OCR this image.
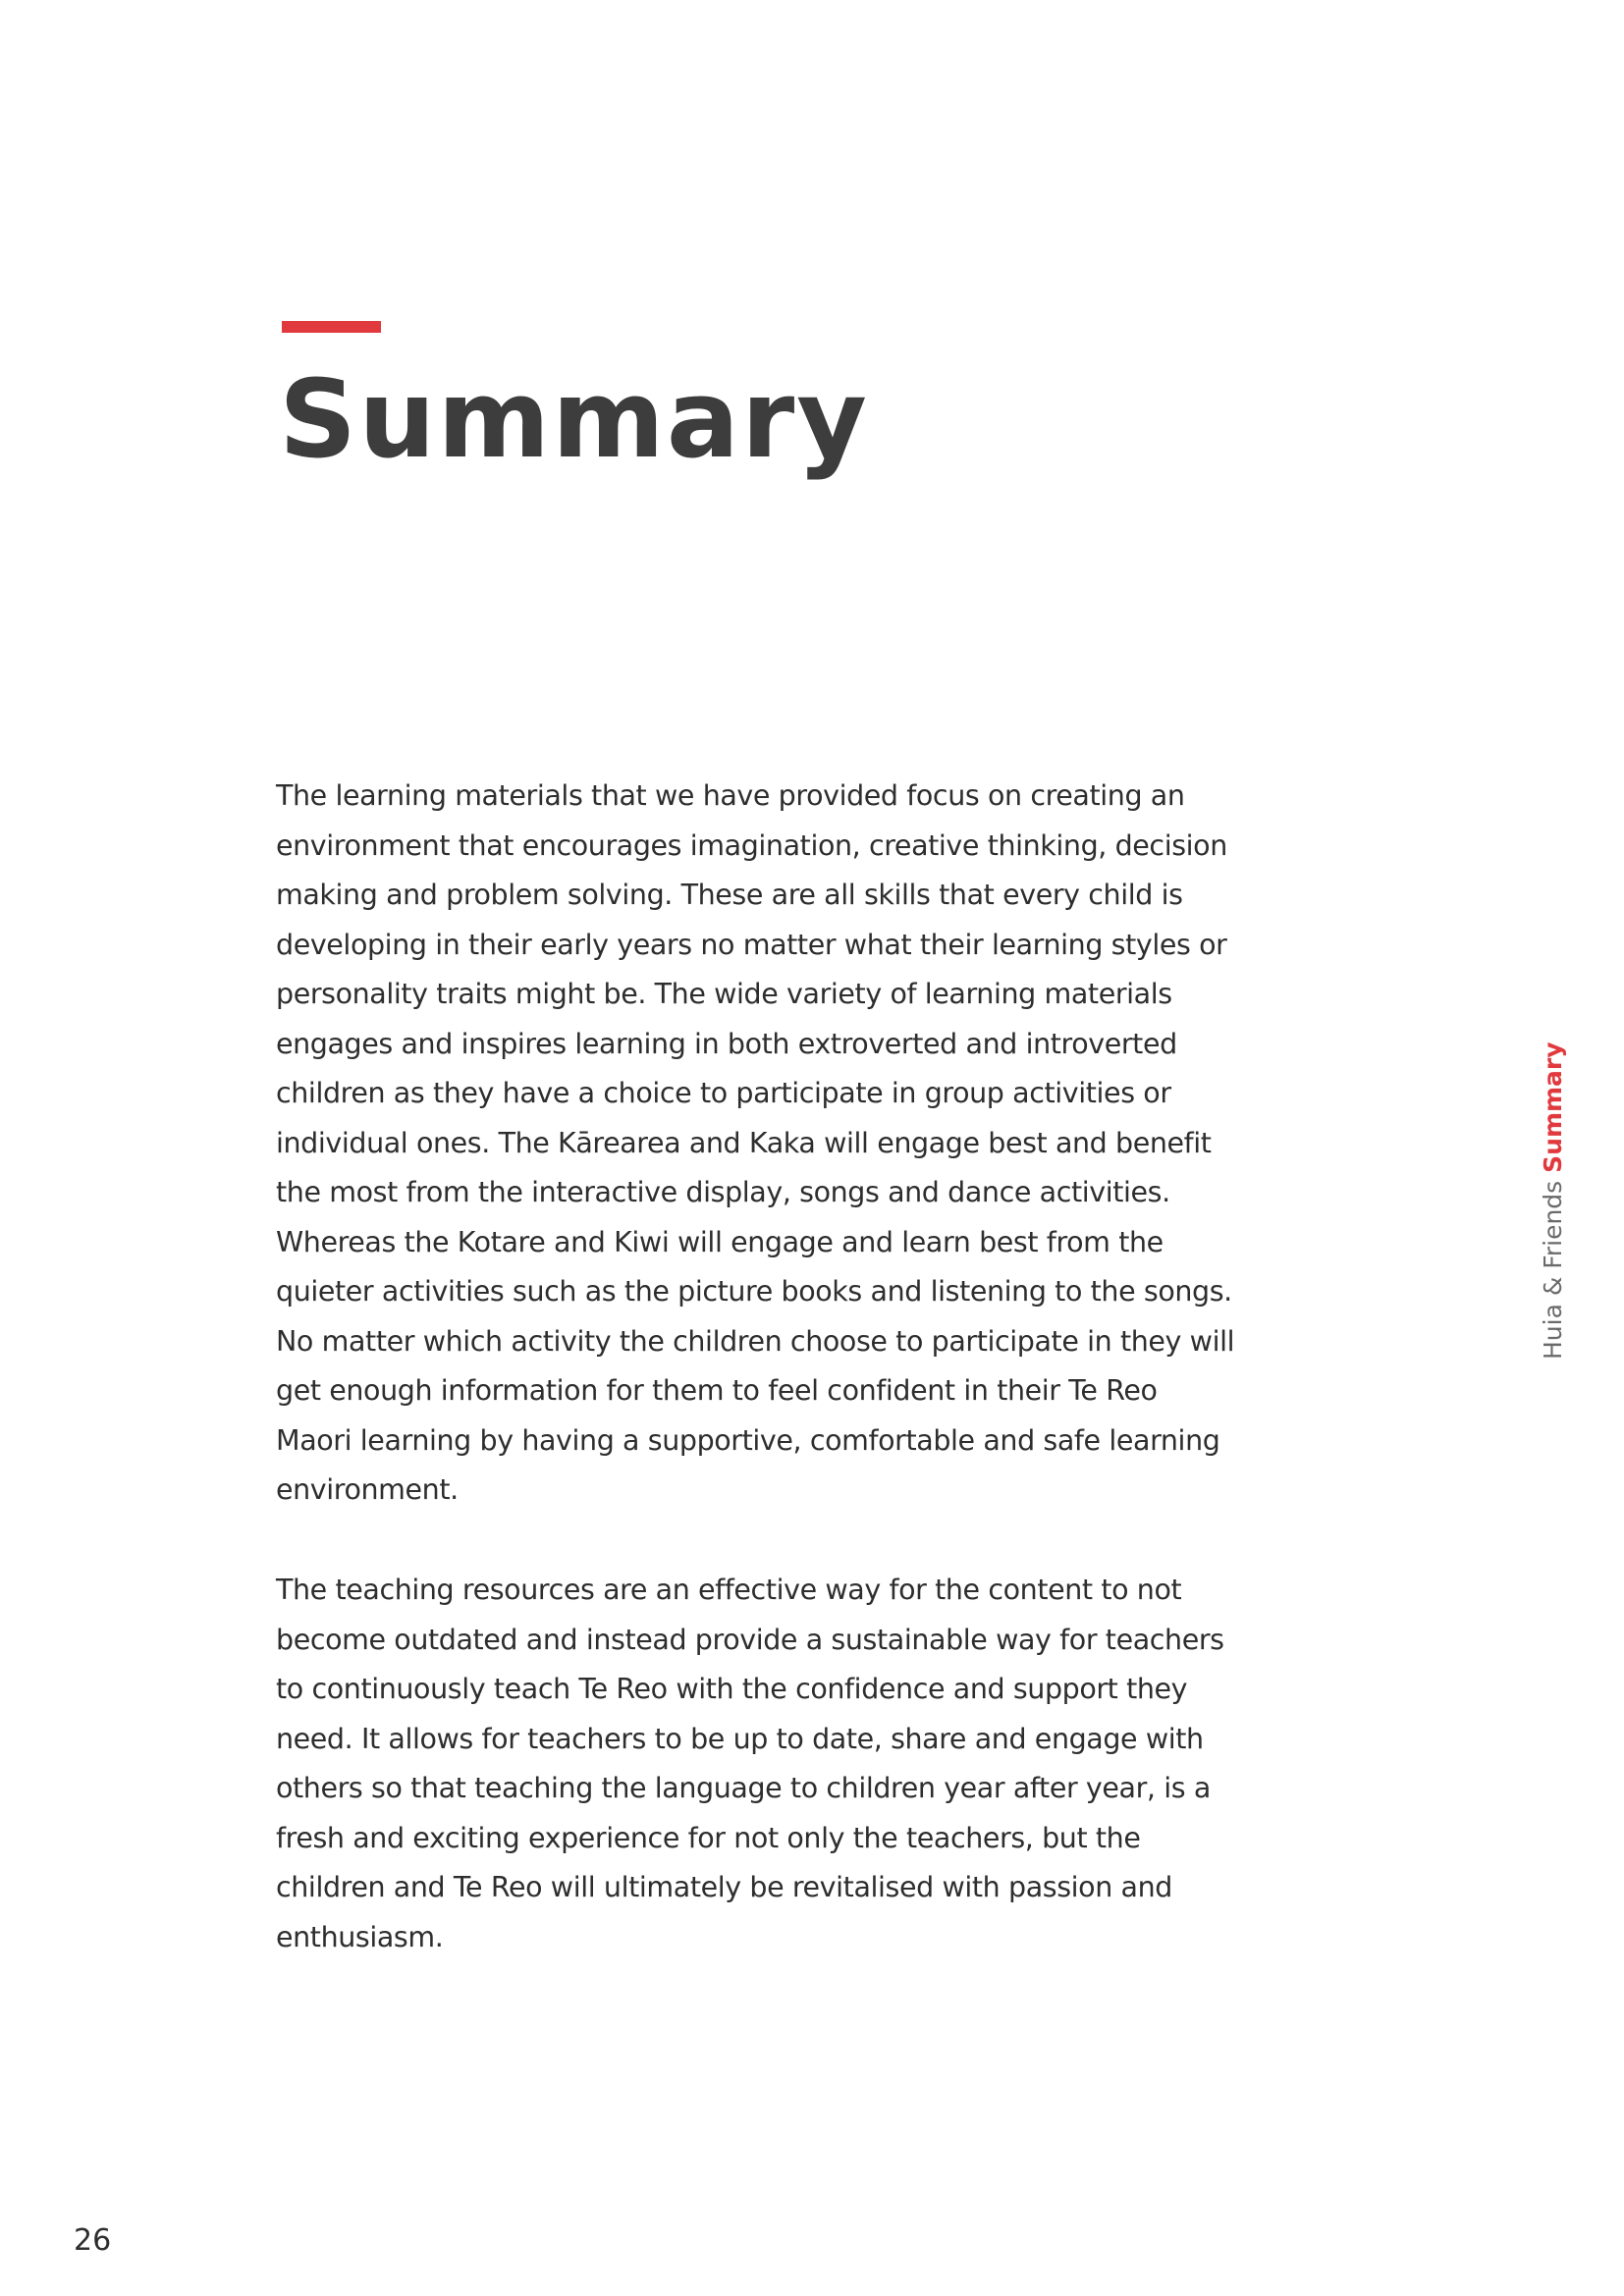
Summary

The learning materials that we have provided focus on creating an environment that encourages imagination, creative thinking, decision making and problem solving. These are all skills that every child is developing in their early years no matter what their learning styles or personality traits might be. The wide variety of learning materials engages and inspires learning in both extroverted and introverted children as they have a choice to participate in group activities or individual ones. The Kārearea and Kaka will engage best and benefit the most from the interactive display, songs and dance activities. Whereas the Kotare and Kiwi will engage and learn best from the quieter activities such as the picture books and listening to the songs. No matter which activity the children choose to participate in they will get enough information for them to feel confident in their Te Reo Maori learning by having a supportive, comfortable and safe learning environment.

The teaching resources are an effective way for the content to not become outdated and instead provide a sustainable way for teachers to continuously teach Te Reo with the confidence and support they need. It allows for teachers to be up to date, share and engage with others so that teaching the language to children year after year, is a fresh and exciting experience for not only the teachers, but the children and Te Reo will ultimately be revitalised with passion and enthusiasm.

Huia & Friends Summary
26
